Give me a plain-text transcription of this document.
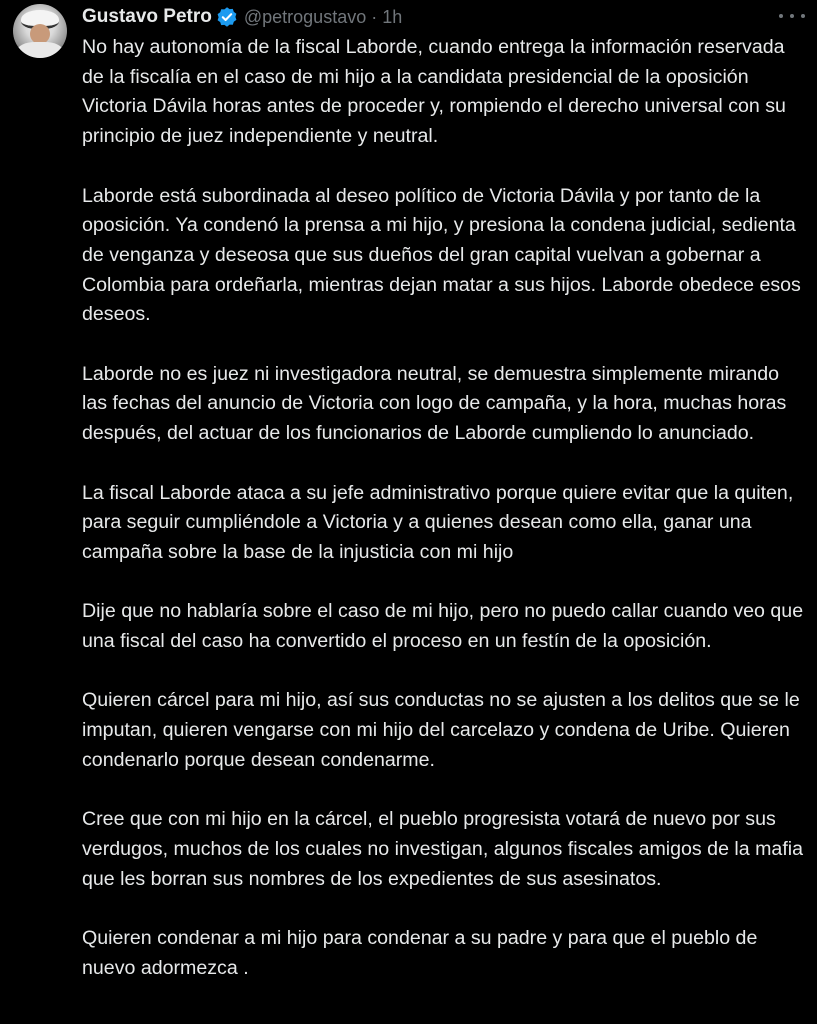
Gustavo Petro @petrogustavo · 1h

No hay autonomía de la fiscal Laborde, cuando entrega la información reservada de la fiscalía en el caso de mi hijo a la candidata presidencial de la oposición Victoria Dávila horas antes de proceder y, rompiendo el derecho universal con su principio de juez independiente y neutral.

Laborde está subordinada al deseo político de Victoria Dávila y por tanto de la oposición. Ya condenó la prensa a mi hijo, y presiona la condena judicial, sedienta de venganza y deseosa que sus dueños del gran capital vuelvan a gobernar a Colombia para ordeñarla, mientras dejan matar a sus hijos. Laborde obedece esos deseos.

Laborde no es juez ni investigadora neutral, se demuestra simplemente mirando las fechas del anuncio de Victoria con logo de campaña, y la hora, muchas horas después, del actuar de los funcionarios de Laborde cumpliendo lo anunciado.

La fiscal Laborde ataca a su jefe administrativo porque quiere evitar que la quiten, para seguir cumpliéndole a Victoria y a quienes desean como ella, ganar una campaña sobre la base de la injusticia con mi hijo

Dije que no hablaría sobre el caso de mi hijo, pero no puedo callar cuando veo que una fiscal del caso ha convertido el proceso en un festín de la oposición.

Quieren cárcel para mi hijo, así sus conductas no se ajusten a los delitos que se le imputan, quieren vengarse con mi hijo del carcelazo y condena de Uribe. Quieren condenarlo porque desean condenarme.

Cree que con mi hijo en la cárcel, el pueblo progresista votará de nuevo por sus verdugos, muchos de los cuales no investigan, algunos fiscales amigos de la mafia que les borran sus nombres de los expedientes de sus asesinatos.

Quieren condenar a mi hijo para condenar a su padre y para que el pueblo de nuevo adormezca .
